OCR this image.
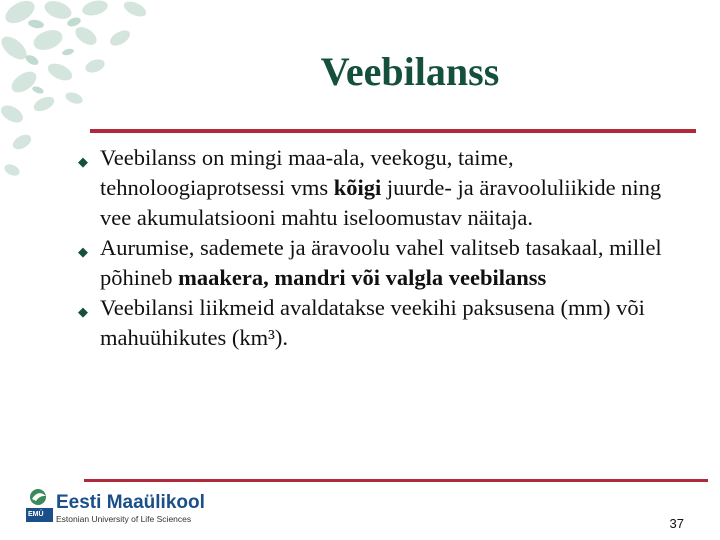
Veebilanss
◆ Veebilanss on mingi maa-ala, veekogu, taime, tehnoloogiaprotsessi vms kõigi juurde- ja äravooluliikide ning vee akumulatsiooni mahtu iseloomustav näitaja.
◆ Aurumise, sademete ja äravoolu vahel valitseb tasakaal, millel põhineb maakera, mandri või valgla veebilanss
◆ Veebilansi liikmeid avaldatakse veekihi paksusena (mm) või mahuühikutes (km³).
EMÜ
Eesti Maaülikool
Estonian University of Life Sciences	37
